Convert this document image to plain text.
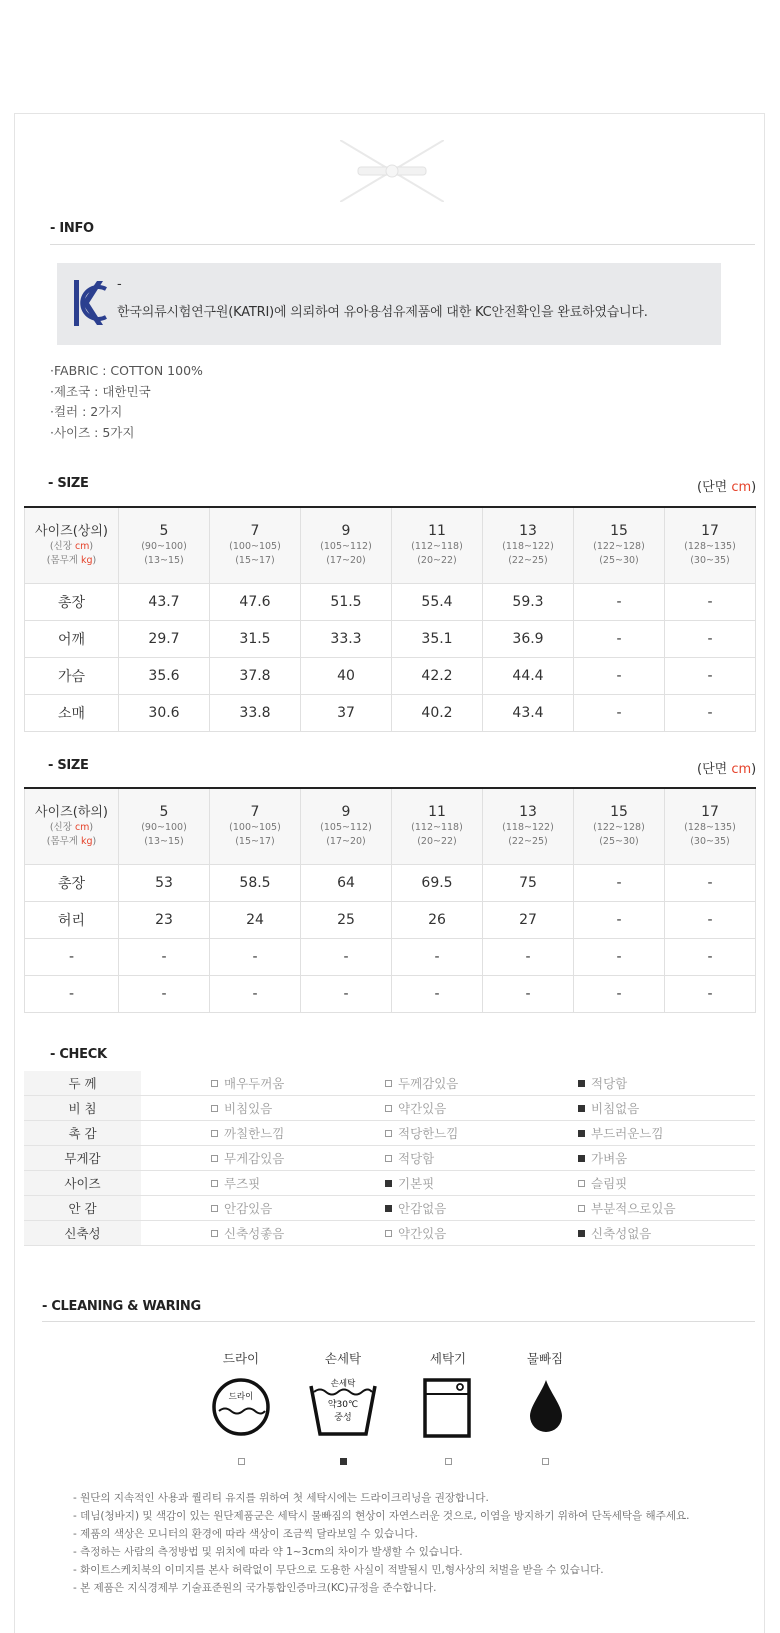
- INFO
-
한국의류시험연구원(KATRI)에 의뢰하여 유아용섬유제품에 대한 KC안전확인을 완료하였습니다.
·FABRIC : COTTON 100%
·제조국 : 대한민국
·컬러 : 2가지
·사이즈 : 5가지
- SIZE	(단면 cm)
사이즈(상의)
(신장 cm)
(몸무게 kg)	5
(90~100)
(13~15)	7
(100~105)
(15~17)	9
(105~112)
(17~20)	11
(112~118)
(20~22)	13
(118~122)
(22~25)	15
(122~128)
(25~30)	17
(128~135)
(30~35)

총장	43.7	47.6	51.5	55.4	59.3	-	-
어깨	29.7	31.5	33.3	35.1	36.9	-	-
가슴	35.6	37.8	40	42.2	44.4	-	-
소매	30.6	33.8	37	40.2	43.4	-	-
- SIZE	(단면 cm)
사이즈(하의)
(신장 cm)
(몸무게 kg)	5
(90~100)
(13~15)	7
(100~105)
(15~17)	9
(105~112)
(17~20)	11
(112~118)
(20~22)	13
(118~122)
(22~25)	15
(122~128)
(25~30)	17
(128~135)
(30~35)

총장	53	58.5	64	69.5	75	-	-
허리	23	24	25	26	27	-	-
-	-	-	-	-	-	-	-
-	-	-	-	-	-	-	-
- CHECK
두 께		매우두꺼움	두께감있음	적당함
비 침		비침있음	약간있음	비침없음
촉 감		까칠한느낌	적당한느낌	부드러운느낌
무게감		무게감있음	적당함	가벼움
사이즈		루즈핏	기본핏	슬림핏
안 감		안감있음	안감없음	부분적으로있음
신축성		신축성좋음	약간있음	신축성없음
- CLEANING & WARING
드라이	손세탁	세탁기	물빠짐
드라이
손세탁
약30℃
중성
- 원단의 지속적인 사용과 퀄리티 유지를 위하여 첫 세탁시에는 드라이크리닝을 권장합니다.
- 데님(청바지) 및 색감이 있는 원단제품군은 세탁시 물빠짐의 현상이 자연스러운 것으로, 이염을 방지하기 위하여 단독세탁을 해주세요.
- 제품의 색상은 모니터의 환경에 따라 색상이 조금씩 달라보일 수 있습니다.
- 측정하는 사람의 측정방법 및 위치에 따라 약 1~3cm의 차이가 발생할 수 있습니다.
- 화이트스케치북의 이미지를 본사 허락없이 무단으로 도용한 사실이 적발될시 민,형사상의 처벌을 받을 수 있습니다.
- 본 제품은 지식경제부 기술표준원의 국가통합인증마크(KC)규정을 준수합니다.
